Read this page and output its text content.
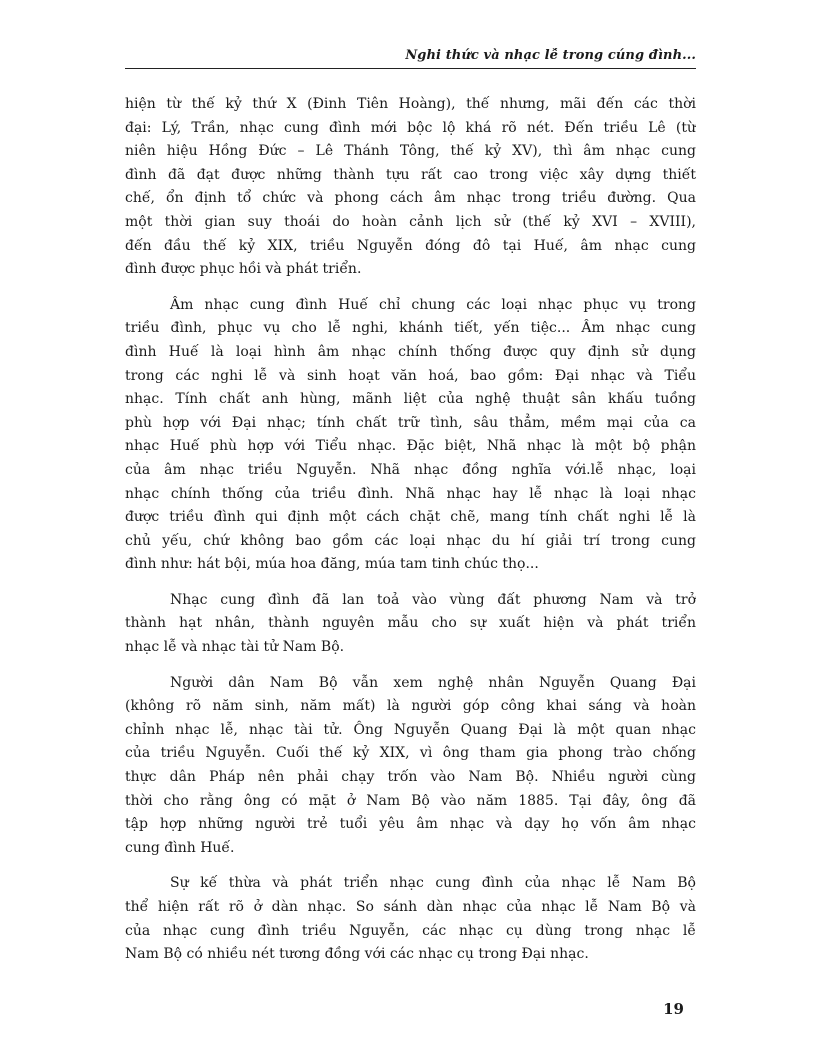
Nghi thức và nhạc lễ trong cúng đình...
hiện từ thế kỷ thứ X (Đinh Tiên Hoàng), thế nhưng, mãi đến các thời
đại: Lý, Trần, nhạc cung đình mới bộc lộ khá rõ nét. Đến triều Lê (từ
niên hiệu Hồng Đức – Lê Thánh Tông, thế kỷ XV), thì âm nhạc cung
đình đã đạt được những thành tựu rất cao trong việc xây dựng thiết
chế, ổn định tổ chức và phong cách âm nhạc trong triều đường. Qua
một thời gian suy thoái do hoàn cảnh lịch sử (thế kỷ XVI – XVIII),
đến đầu thế kỷ XIX, triều Nguyễn đóng đô tại Huế, âm nhạc cung
đình được phục hồi và phát triển.
Âm nhạc cung đình Huế chỉ chung các loại nhạc phục vụ trong
triều đình, phục vụ cho lễ nghi, khánh tiết, yến tiệc... Âm nhạc cung
đình Huế là loại hình âm nhạc chính thống được quy định sử dụng
trong các nghi lễ và sinh hoạt văn hoá, bao gồm: Đại nhạc và Tiểu
nhạc. Tính chất anh hùng, mãnh liệt của nghệ thuật sân khấu tuồng
phù hợp với Đại nhạc; tính chất trữ tình, sâu thẳm, mềm mại của ca
nhạc Huế phù hợp với Tiểu nhạc. Đặc biệt, Nhã nhạc là một bộ phận
của âm nhạc triều Nguyễn. Nhã nhạc đồng nghĩa với.lễ nhạc, loại
nhạc chính thống của triều đình. Nhã nhạc hay lễ nhạc là loại nhạc
được triều đình qui định một cách chặt chẽ, mang tính chất nghi lễ là
chủ yếu, chứ không bao gồm các loại nhạc du hí giải trí trong cung
đình như: hát bội, múa hoa đăng, múa tam tinh chúc thọ...
Nhạc cung đình đã lan toả vào vùng đất phương Nam và trở
thành hạt nhân, thành nguyên mẫu cho sự xuất hiện và phát triển
nhạc lễ và nhạc tài tử Nam Bộ.
Người dân Nam Bộ vẫn xem nghệ nhân Nguyễn Quang Đại
(không rõ năm sinh, năm mất) là người góp công khai sáng và hoàn
chỉnh nhạc lễ, nhạc tài tử. Ông Nguyễn Quang Đại là một quan nhạc
của triều Nguyễn. Cuối thế kỷ XIX, vì ông tham gia phong trào chống
thực dân Pháp nên phải chạy trốn vào Nam Bộ. Nhiều người cùng
thời cho rằng ông có mặt ở Nam Bộ vào năm 1885. Tại đây, ông đã
tập hợp những người trẻ tuổi yêu âm nhạc và dạy họ vốn âm nhạc
cung đình Huế.
Sự kế thừa và phát triển nhạc cung đình của nhạc lễ Nam Bộ
thể hiện rất rõ ở dàn nhạc. So sánh dàn nhạc của nhạc lễ Nam Bộ và
của nhạc cung đình triều Nguyễn, các nhạc cụ dùng trong nhạc lễ
Nam Bộ có nhiều nét tương đồng với các nhạc cụ trong Đại nhạc.
19
